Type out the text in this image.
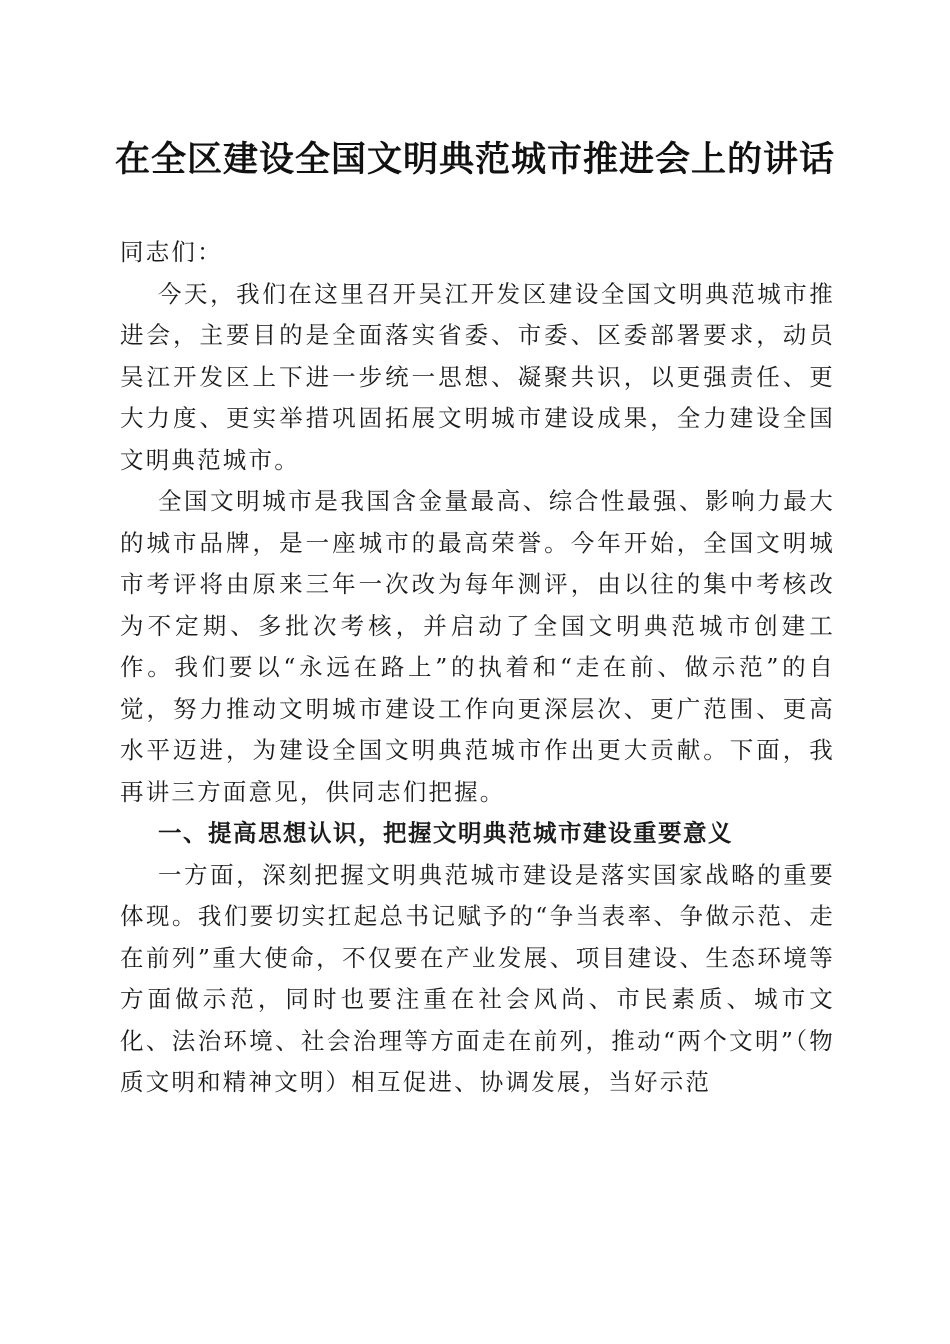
在全区建设全国文明典范城市推进会上的讲话

同志们：

今天，我们在这里召开吴江开发区建设全国文明典范城市推进会，主要目的是全面落实省委、市委、区委部署要求，动员吴江开发区上下进一步统一思想、凝聚共识，以更强责任、更大力度、更实举措巩固拓展文明城市建设成果，全力建设全国文明典范城市。

全国文明城市是我国含金量最高、综合性最强、影响力最大的城市品牌，是一座城市的最高荣誉。今年开始，全国文明城市考评将由原来三年一次改为每年测评，由以往的集中考核改为不定期、多批次考核，并启动了全国文明典范城市创建工作。我们要以“永远在路上”的执着和“走在前、做示范”的自觉，努力推动文明城市建设工作向更深层次、更广范围、更高水平迈进，为建设全国文明典范城市作出更大贡献。下面，我再讲三方面意见，供同志们把握。

一、提高思想认识，把握文明典范城市建设重要意义

一方面，深刻把握文明典范城市建设是落实国家战略的重要体现。我们要切实扛起总书记赋予的“争当表率、争做示范、走在前列”重大使命，不仅要在产业发展、项目建设、生态环境等方面做示范，同时也要注重在社会风尚、市民素质、城市文化、法治环境、社会治理等方面走在前列，推动“两个文明”（物质文明和精神文明）相互促进、协调发展，当好示范
